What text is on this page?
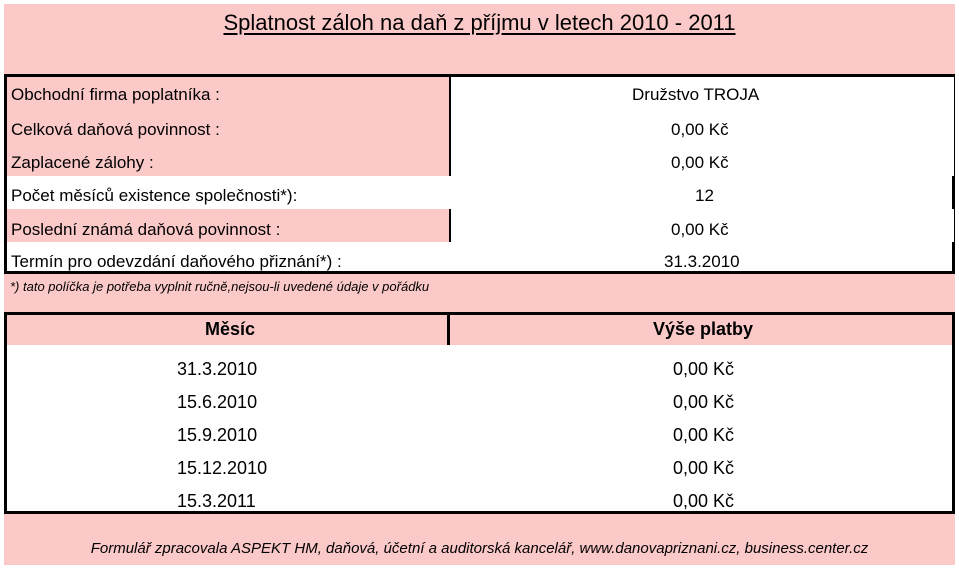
Splatnost záloh na daň z příjmu v letech 2010 - 2011
Obchodní firma poplatníka :	Družstvo TROJA
Celková daňová povinnost :	0,00 Kč
Zaplacené zálohy :	0,00 Kč
Počet měsíců existence společnosti*):	12
Poslední známá daňová povinnost :	0,00 Kč
Termín pro odevzdání daňového přiznání*) :	31.3.2010
*) tato políčka je potřeba vyplnit ručně,nejsou-li uvedené údaje v pořádku
Měsíc	Výše platby
31.3.2010	0,00 Kč
15.6.2010	0,00 Kč
15.9.2010	0,00 Kč
15.12.2010	0,00 Kč
15.3.2011	0,00 Kč
Formulář zpracovala ASPEKT HM, daňová, účetní a auditorská kancelář, www.danovapriznani.cz, business.center.cz
